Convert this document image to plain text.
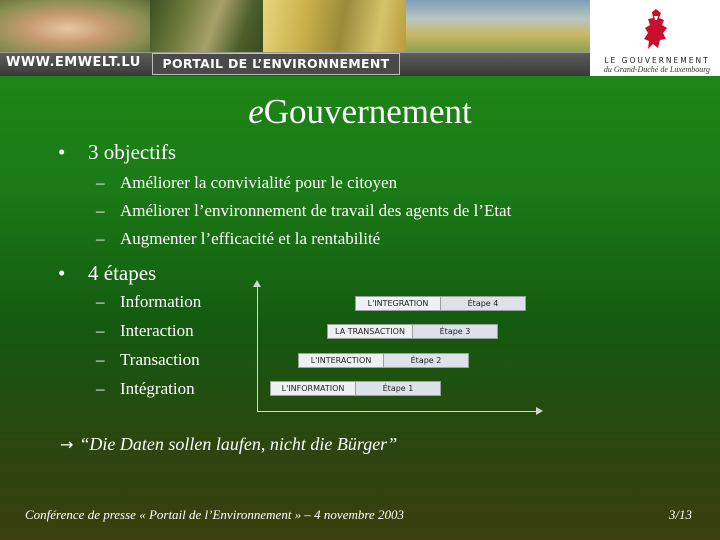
WWW.EMWELT.LU	PORTAIL DE L’ENVIRONNEMENT	LE GOUVERNEMENT
du Grand-Duché de Luxembourg
eGouvernement
• 3 objectifs
– Améliorer la convivialité pour le citoyen
– Améliorer l’environnement de travail des agents de l’Etat
– Augmenter l’efficacité et la rentabilité
• 4 étapes
– Information
– Interaction
– Transaction
– Intégration	L'INFORMATION	Étape 1
L'INTERACTION	Étape 2
LA TRANSACTION	Étape 3
L'INTEGRATION	Étape 4
→ “Die Daten sollen laufen, nicht die Bürger”
Conférence de presse « Portail de l’Environnement » – 4 novembre 2003	3/13
